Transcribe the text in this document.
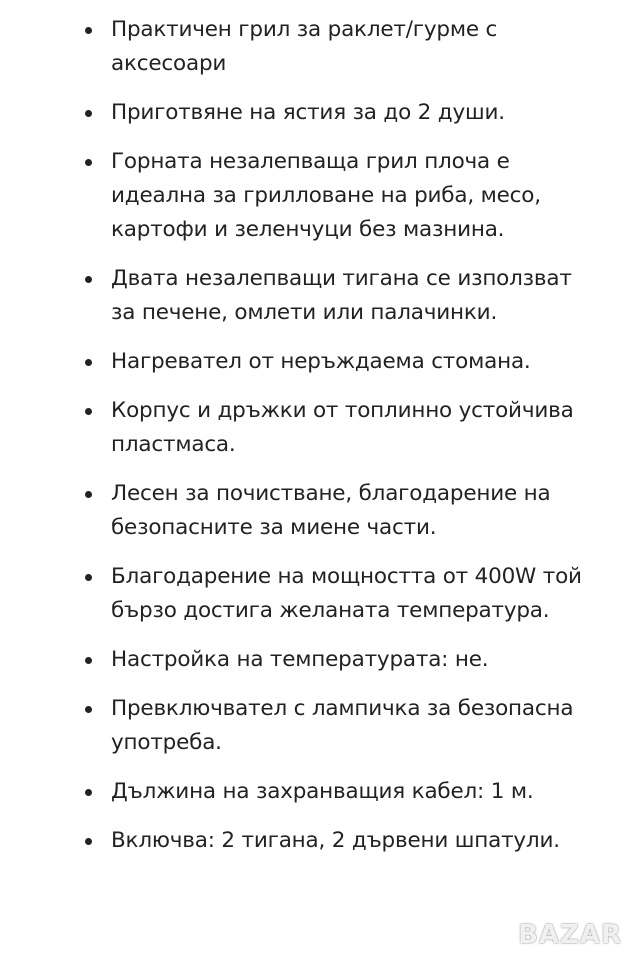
Практичен грил за раклет/гурме с аксесоари
Приготвяне на ястия за до 2 души.
Горната незалепваща грил плоча е идеална за грилловане на риба, месо, картофи и зеленчуци без мазнина.
Двата незалепващи тигана се използват за печене, омлети или палачинки.
Нагревател от неръждаема стомана.
Корпус и дръжки от топлинно устойчива пластмаса.
Лесен за почистване, благодарение на безопасните за миене части.
Благодарение на мощността от 400W той бързо достига желаната температура.
Настройка на температурата: не.
Превключвател с лампичка за безопасна употреба.
Дължина на захранващия кабел: 1 м.
Включва: 2 тигана, 2 дървени шпатули.
BAZAR
